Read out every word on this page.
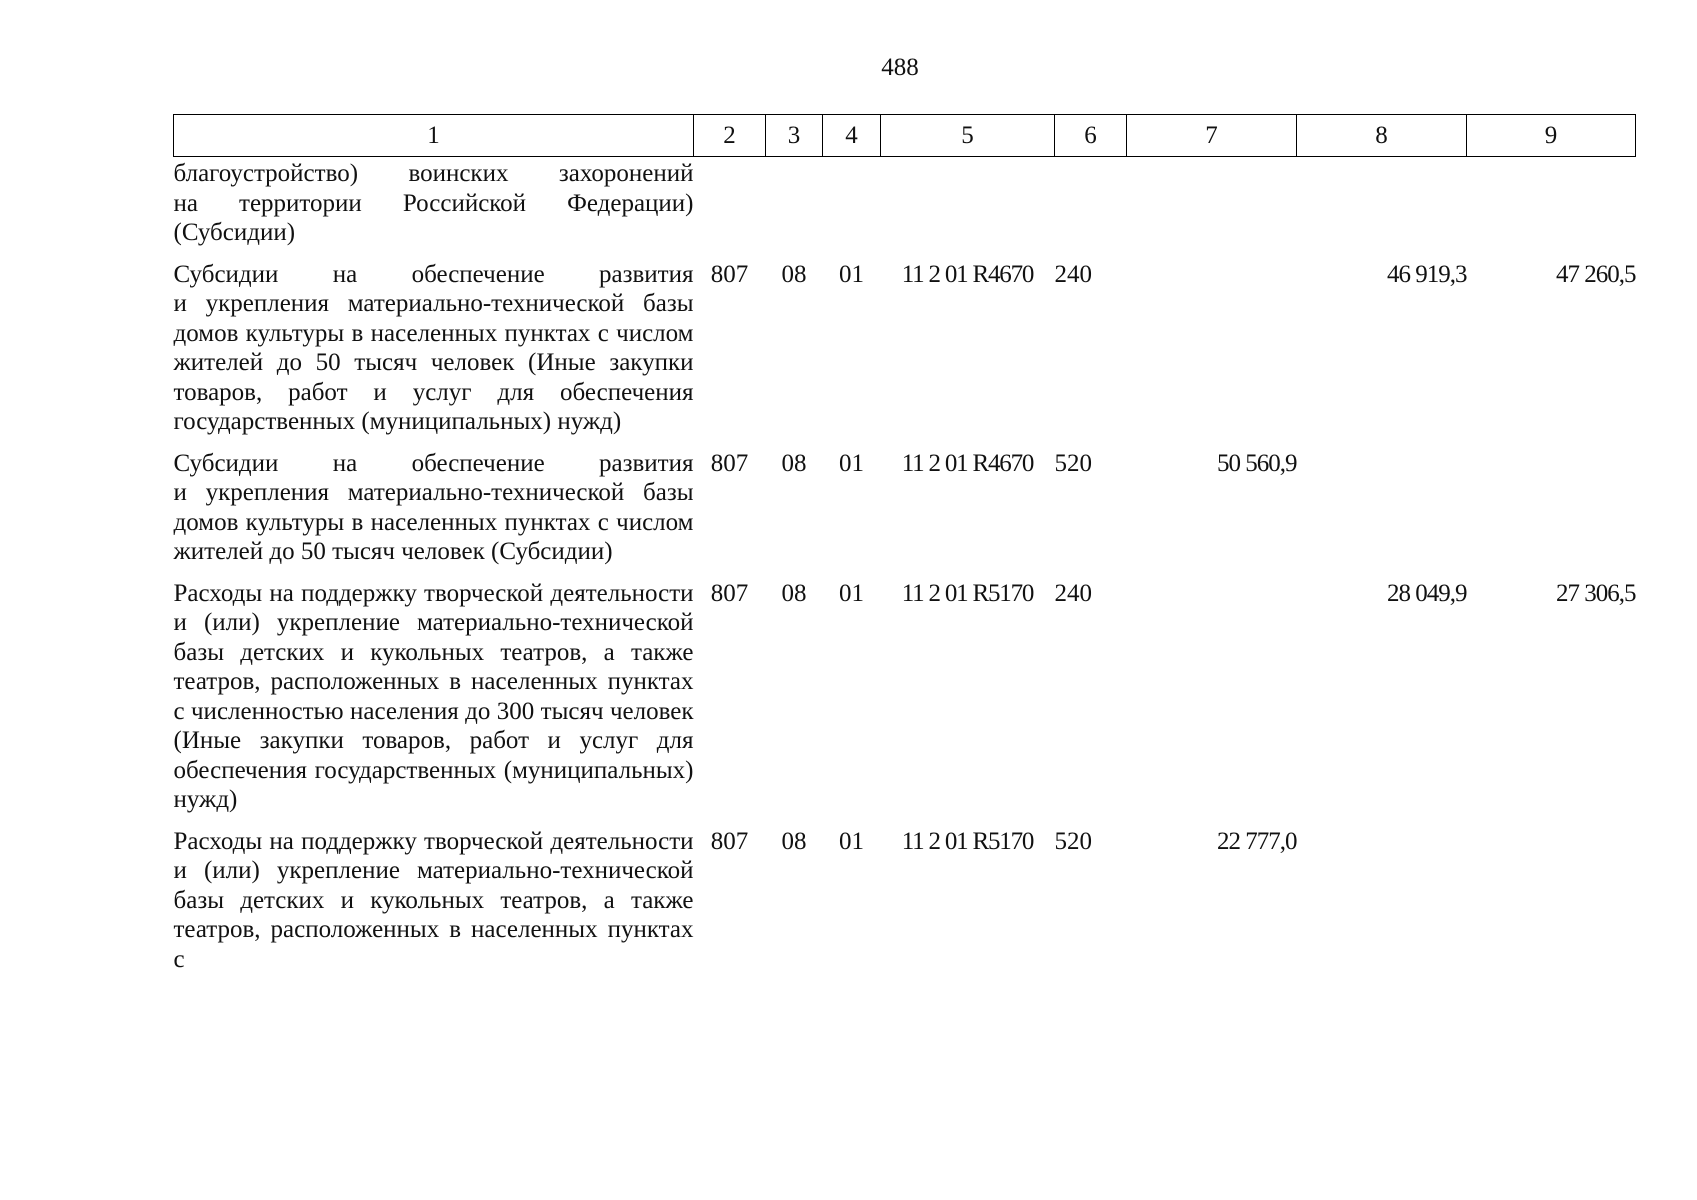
488
1	2	3	4	5	6	7	8	9
благоустройство) воинских захоронений на территории Российской Федерации) (Субсидии)								
Субсидии на обеспечение развития и укрепления материально-технической базы домов культуры в населенных пунктах с числом жителей до 50 тысяч человек (Иные закупки товаров, работ и услуг для обеспечения государственных (муниципальных) нужд)	807	08	01	11 2 01 R4670	240		46 919,3	47 260,5
Субсидии на обеспечение развития и укрепления материально-технической базы домов культуры в населенных пунктах с числом жителей до 50 тысяч человек (Субсидии)	807	08	01	11 2 01 R4670	520	50 560,9		
Расходы на поддержку творческой деятельности и (или) укрепление материально-технической базы детских и кукольных театров, а также театров, расположенных в населенных пунктах с численностью населения до 300 тысяч человек (Иные закупки товаров, работ и услуг для обеспечения государственных (муниципальных) нужд)	807	08	01	11 2 01 R5170	240		28 049,9	27 306,5
Расходы на поддержку творческой деятельности и (или) укрепление материально-технической базы детских и кукольных театров, а также театров, расположенных в населенных пунктах с	807	08	01	11 2 01 R5170	520	22 777,0		
